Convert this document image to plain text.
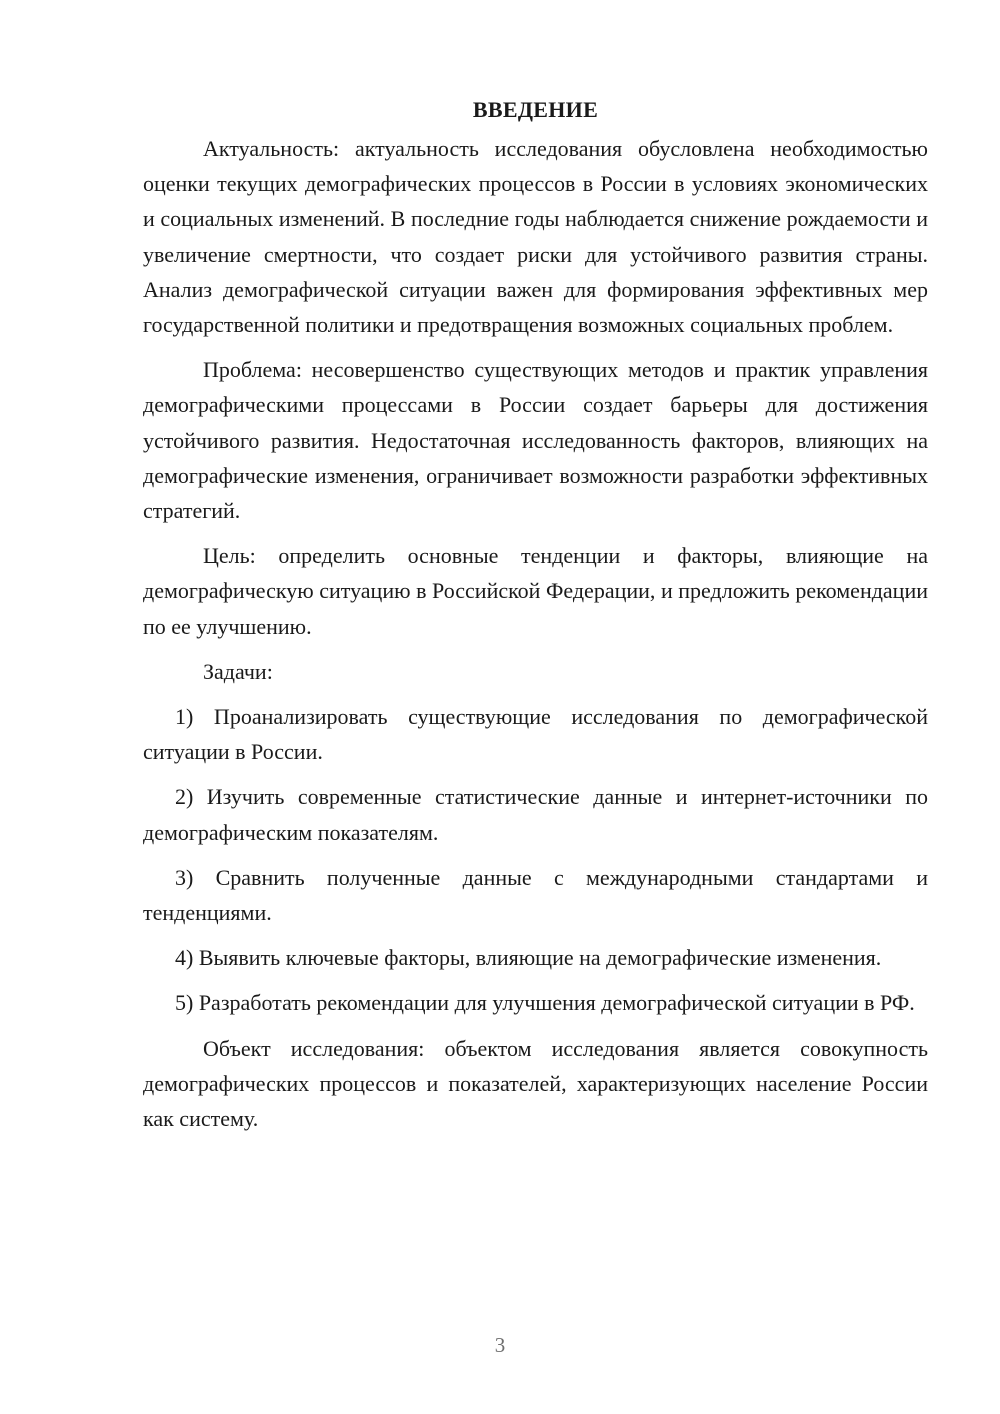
ВВЕДЕНИЕ

Актуальность: актуальность исследования обусловлена необходимостью оценки текущих демографических процессов в России в условиях экономических и социальных изменений. В последние годы наблюдается снижение рождаемости и увеличение смертности, что создает риски для устойчивого развития страны. Анализ демографической ситуации важен для формирования эффективных мер государственной политики и предотвращения возможных социальных проблем.

Проблема: несовершенство существующих методов и практик управления демографическими процессами в России создает барьеры для достижения устойчивого развития. Недостаточная исследованность факторов, влияющих на демографические изменения, ограничивает возможности разработки эффективных стратегий.

Цель: определить основные тенденции и факторы, влияющие на демографическую ситуацию в Российской Федерации, и предложить рекомендации по ее улучшению.

Задачи:

1) Проанализировать существующие исследования по демографической ситуации в России.

2) Изучить современные статистические данные и интернет-источники по демографическим показателям.

3) Сравнить полученные данные с международными стандартами и тенденциями.

4) Выявить ключевые факторы, влияющие на демографические изменения.

5) Разработать рекомендации для улучшения демографической ситуации в РФ.

Объект исследования: объектом исследования является совокупность демографических процессов и показателей, характеризующих население России как систему.

3
